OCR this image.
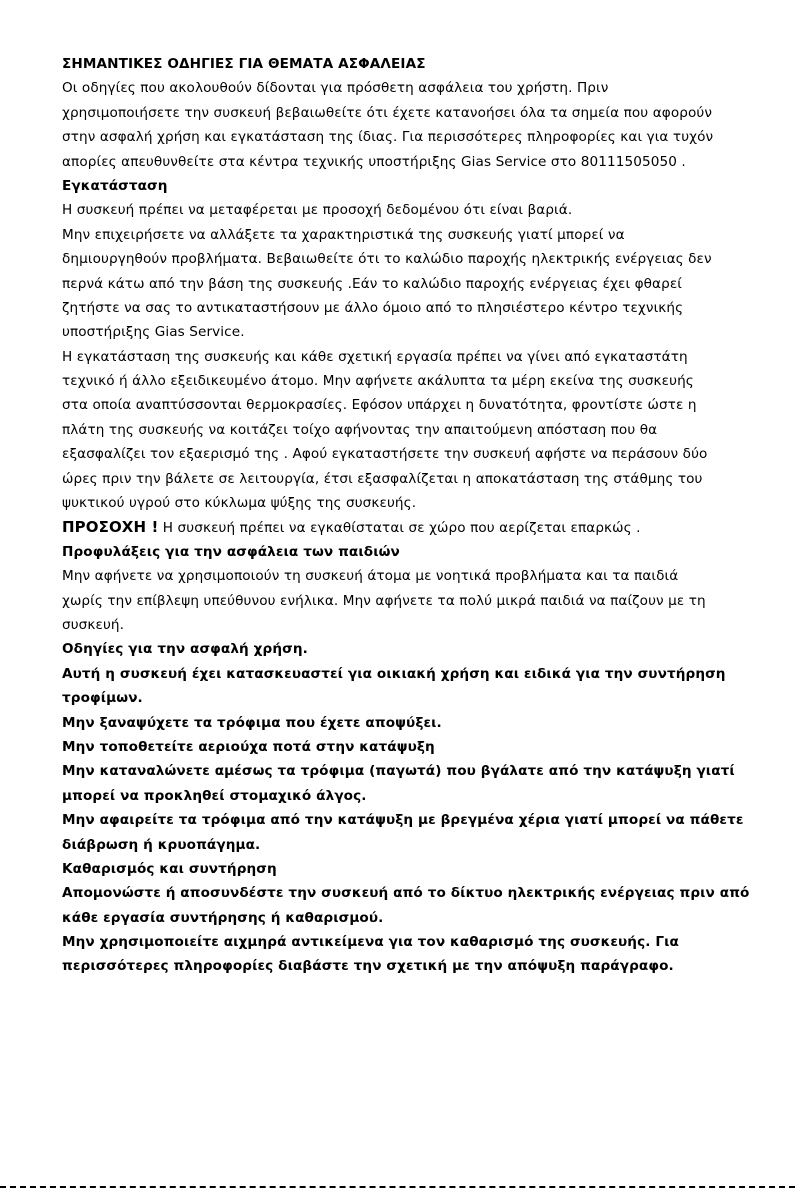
ΣΗΜΑΝΤΙΚΕΣ ΟΔΗΓΙΕΣ ΓΙΑ ΘΕΜΑΤΑ ΑΣΦΑΛΕΙΑΣ
Οι οδηγίες που ακολουθούν δίδονται για πρόσθετη ασφάλεια του χρήστη. Πριν
χρησιμοποιήσετε την συσκευή βεβαιωθείτε ότι έχετε κατανοήσει όλα τα σημεία που αφορούν
στην ασφαλή χρήση και εγκατάσταση της ίδιας. Για περισσότερες πληροφορίες και για τυχόν
απορίες απευθυνθείτε στα κέντρα τεχνικής υποστήριξης Gias Service στο 80111505050 .
Εγκατάσταση
Η συσκευή πρέπει να μεταφέρεται με προσοχή δεδομένου ότι είναι βαριά.
Μην επιχειρήσετε να αλλάξετε τα χαρακτηριστικά της συσκευής γιατί μπορεί να
δημιουργηθούν προβλήματα. Βεβαιωθείτε ότι το καλώδιο παροχής ηλεκτρικής ενέργειας δεν
περνά κάτω από την βάση της συσκευής .Εάν το καλώδιο παροχής ενέργειας έχει φθαρεί
ζητήστε να σας το αντικαταστήσουν με άλλο όμοιο από το πλησιέστερο κέντρο τεχνικής
υποστήριξης Gias Service.
Η εγκατάσταση της συσκευής και κάθε σχετική εργασία πρέπει να γίνει από εγκαταστάτη
τεχνικό ή άλλο εξειδικευμένο άτομο. Μην αφήνετε ακάλυπτα τα μέρη εκείνα της συσκευής
στα οποία αναπτύσσονται θερμοκρασίες. Εφόσον υπάρχει η δυνατότητα, φροντίστε ώστε η
πλάτη της συσκευής να κοιτάζει τοίχο αφήνοντας την απαιτούμενη απόσταση που θα
εξασφαλίζει τον εξαερισμό της . Αφού εγκαταστήσετε την συσκευή αφήστε να περάσουν δύο
ώρες πριν την βάλετε σε λειτουργία, έτσι εξασφαλίζεται η αποκατάσταση της στάθμης του
ψυκτικού υγρού στο κύκλωμα ψύξης της συσκευής.
ΠΡΟΣΟΧΗ ! Η συσκευή πρέπει να εγκαθίσταται σε χώρο που αερίζεται επαρκώς .
Προφυλάξεις για την ασφάλεια των παιδιών
Μην αφήνετε να χρησιμοποιούν τη συσκευή άτομα με νοητικά προβλήματα και τα παιδιά
χωρίς την επίβλεψη υπεύθυνου ενήλικα. Μην αφήνετε τα πολύ μικρά παιδιά να παίζουν με τη
συσκευή.
Οδηγίες για την ασφαλή χρήση.
Αυτή η συσκευή έχει κατασκευαστεί για οικιακή χρήση και ειδικά για την συντήρηση
τροφίμων.
Μην ξαναψύχετε τα τρόφιμα που έχετε αποψύξει.
Μην τοποθετείτε αεριούχα ποτά στην κατάψυξη
Μην καταναλώνετε αμέσως τα τρόφιμα (παγωτά) που βγάλατε από την κατάψυξη γιατί
μπορεί να προκληθεί στομαχικό άλγος.
Μην αφαιρείτε τα τρόφιμα από την κατάψυξη με βρεγμένα χέρια γιατί μπορεί να πάθετε
διάβρωση ή κρυοπάγημα.
Καθαρισμός και συντήρηση
Απομονώστε ή αποσυνδέστε την συσκευή από το δίκτυο ηλεκτρικής ενέργειας πριν από
κάθε εργασία συντήρησης ή καθαρισμού.
Μην χρησιμοποιείτε αιχμηρά αντικείμενα για τον καθαρισμό της συσκευής. Για
περισσότερες πληροφορίες διαβάστε την σχετική με την απόψυξη παράγραφο.
